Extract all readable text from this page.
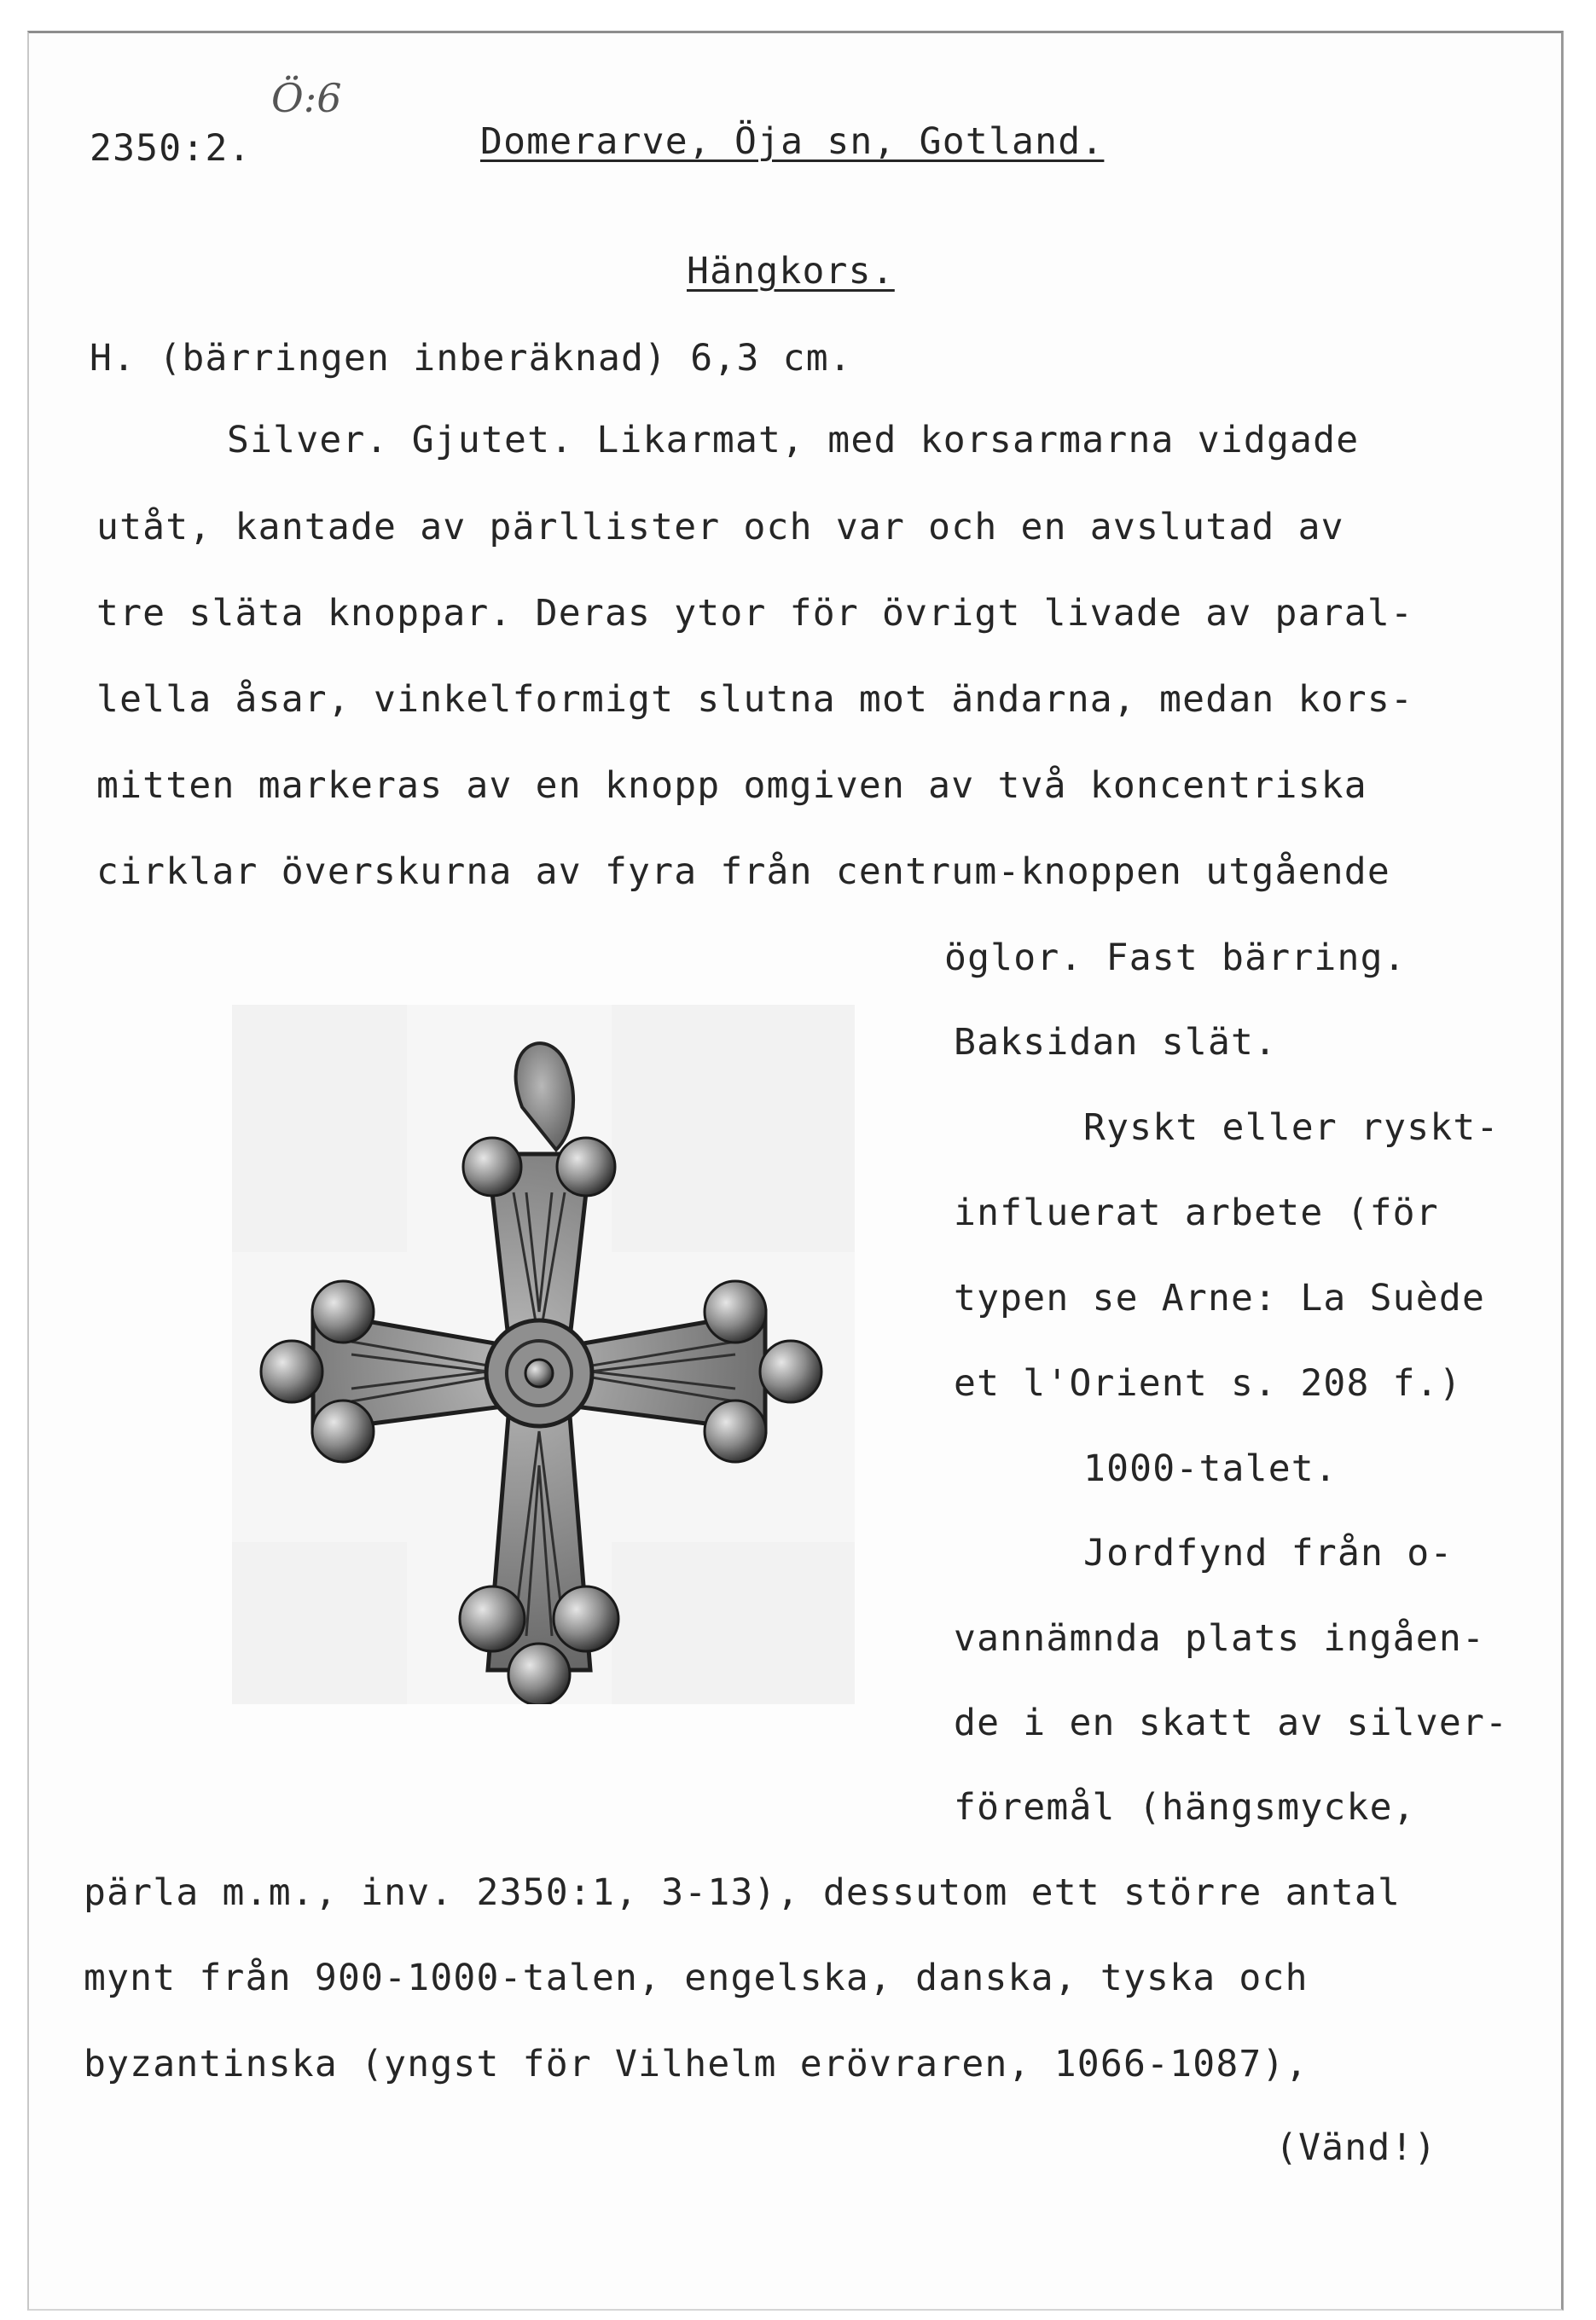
Ö:6
2350:2.	Domerarve, Öja sn, Gotland.
Hängkors.
H. (bärringen inberäknad) 6,3 cm.
Silver. Gjutet. Likarmat, med korsarmarna vidgade
utåt, kantade av pärllister och var och en avslutad av
tre släta knoppar. Deras ytor för övrigt livade av paral-
lella åsar, vinkelformigt slutna mot ändarna, medan kors-
mitten markeras av en knopp omgiven av två koncentriska
cirklar överskurna av fyra från centrum-knoppen utgående
öglor. Fast bärring.
Baksidan slät.
Ryskt eller ryskt-
influerat arbete (för
typen se Arne: La Suède
et l'Orient s. 208 f.)
1000-talet.
Jordfynd från o-
vannämnda plats ingåen-
de i en skatt av silver-
föremål (hängsmycke,
pärla m.m., inv. 2350:1, 3-13), dessutom ett större antal
mynt från 900-1000-talen, engelska, danska, tyska och
byzantinska (yngst för Vilhelm erövraren, 1066-1087),
(Vänd!)
